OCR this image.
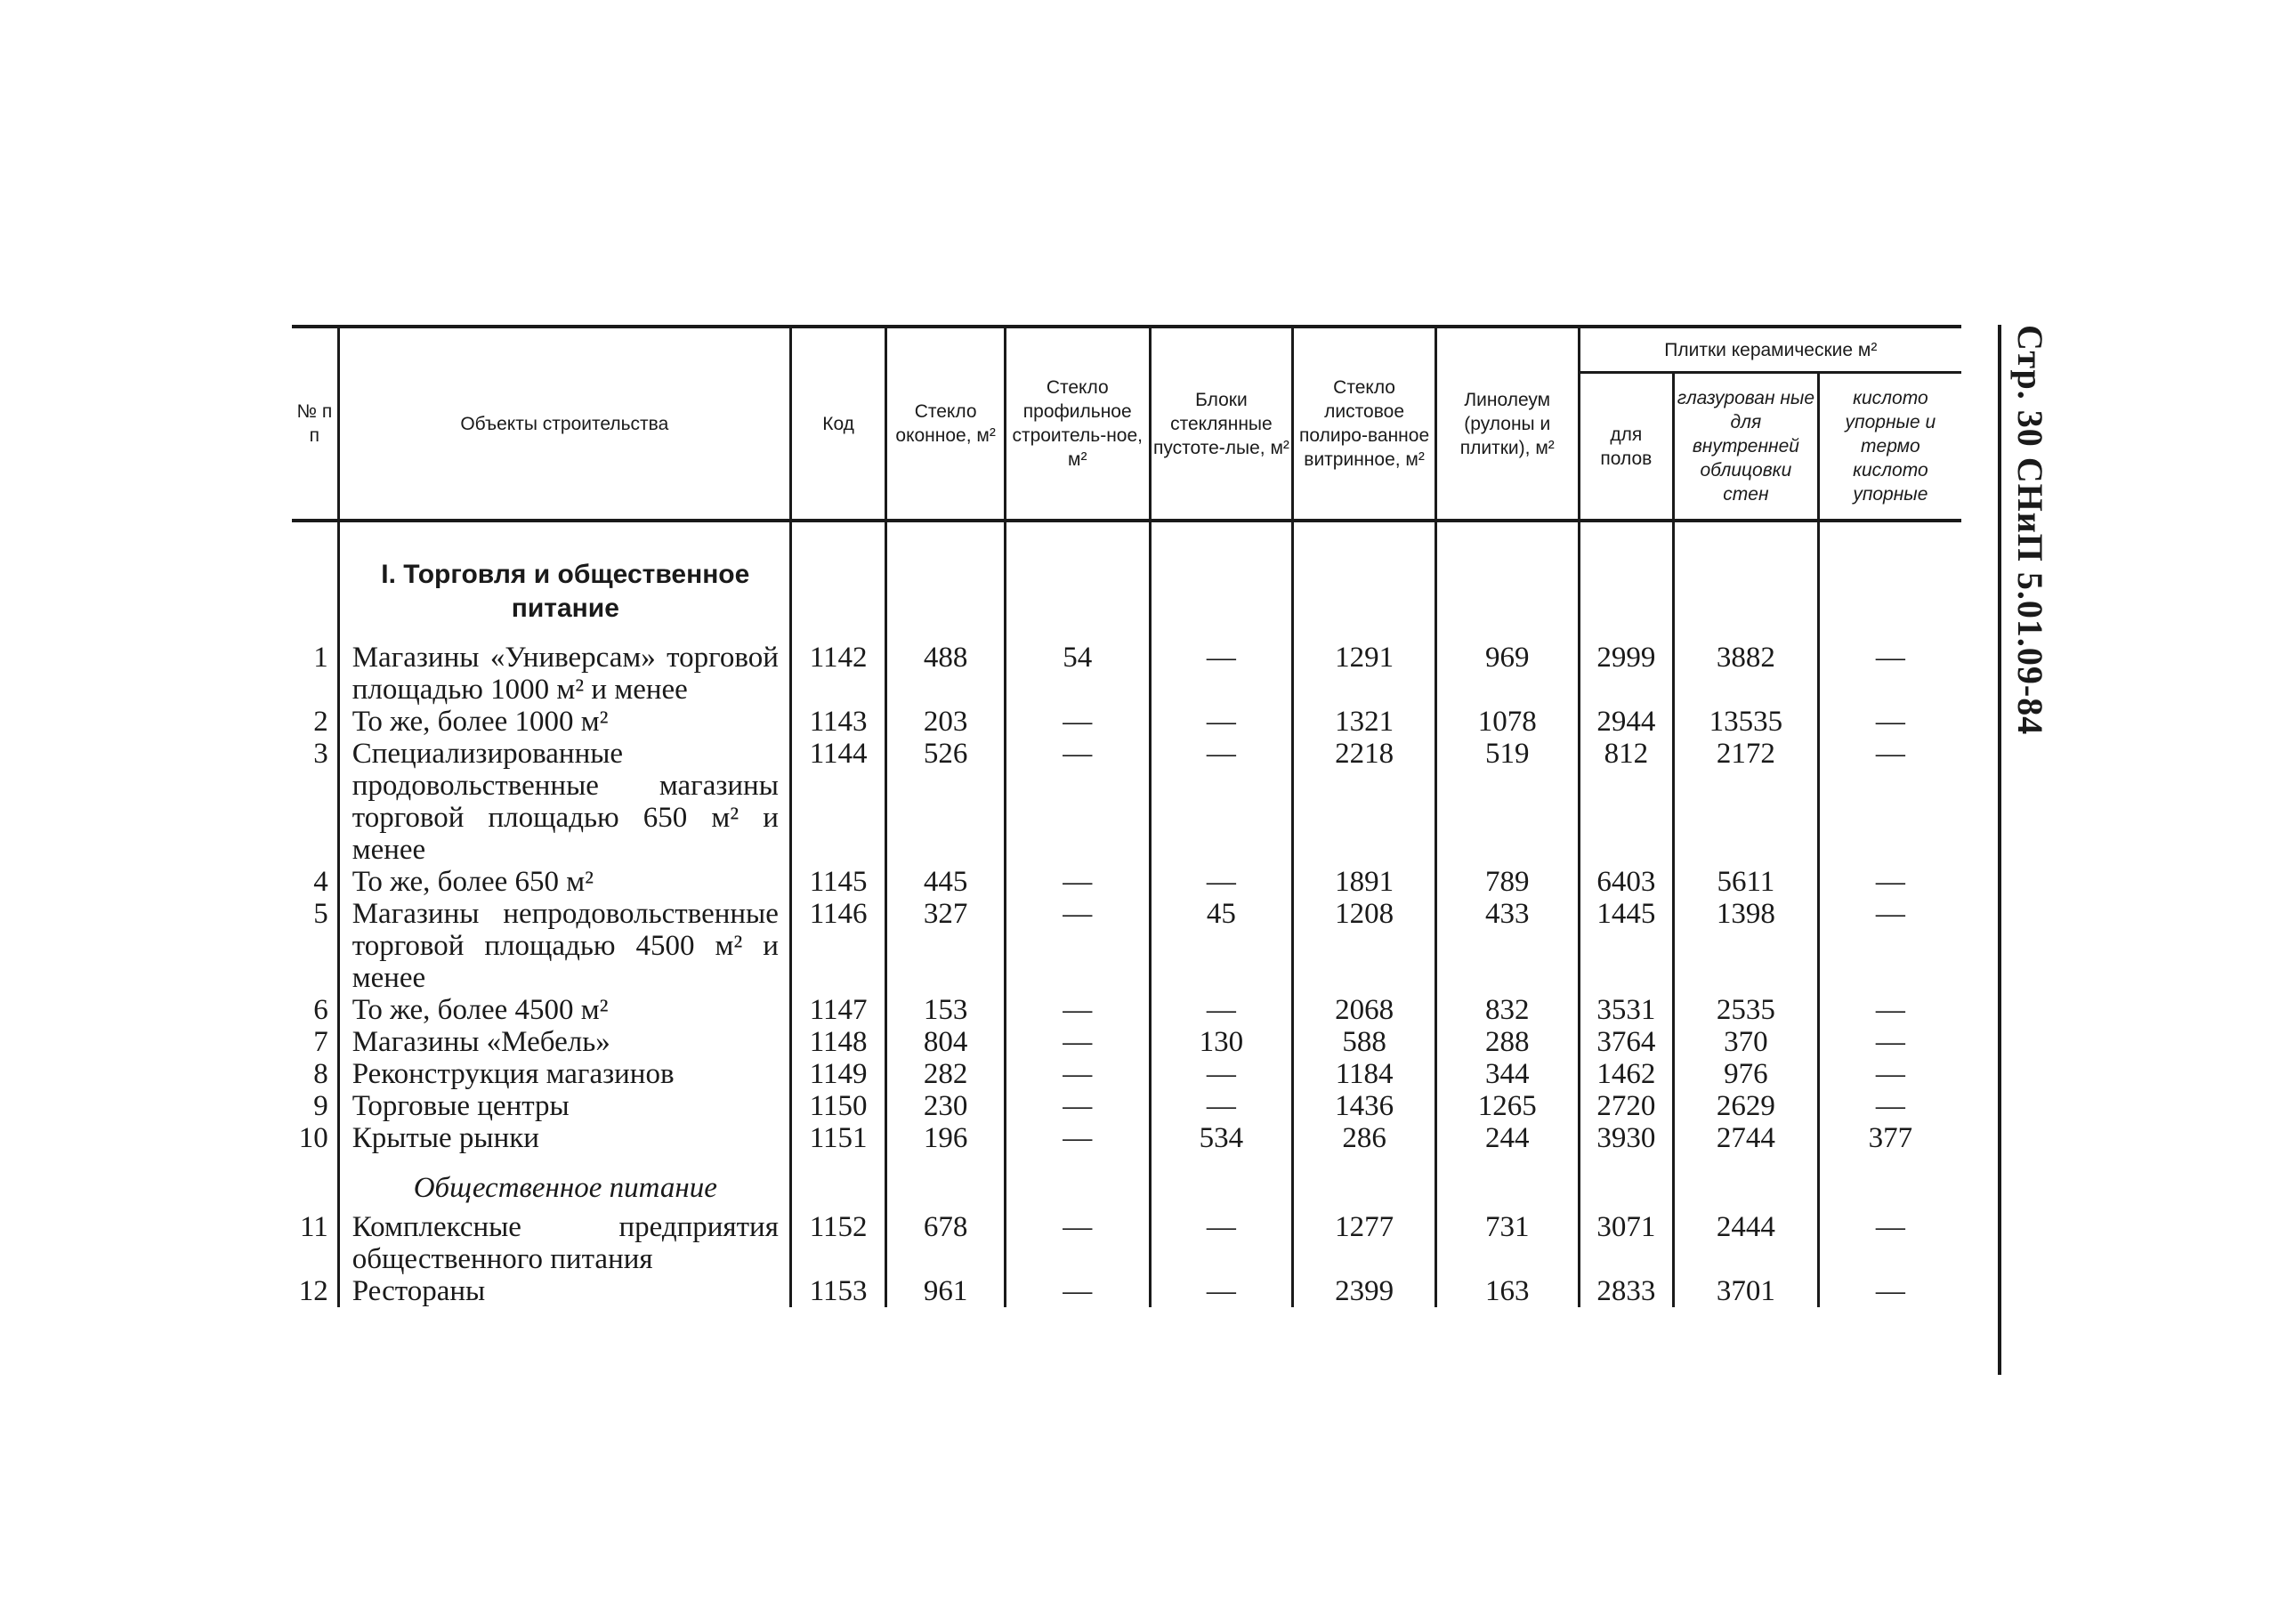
Стр. 30 СНиП 5.01.09-84
№ п п	Объекты строительства	Код	Стекло оконное, м²	Стекло профильное строитель-ное, м²	Блоки стеклянные пустоте-лые, м²	Стекло листовое полиро-ванное витринное, м²	Линолеум (рулоны и плитки), м²	Плитки керамические м²		
								для полов	глазурован ные для внутренней облицовки стен	кислото упорные и термо кислото упорные

	I. Торговля и общественное питание									
1	Магазины «Универсам» торговой площадью 1000 м² и менее	1142	488	54	—	1291	969	2999	3882	—
2	То же, более 1000 м²	1143	203	—	—	1321	1078	2944	13535	—
3	Специализированные продовольственные магазины торговой площадью 650 м² и менее	1144	526	—	—	2218	519	812	2172	—
4	То же, более 650 м²	1145	445	—	—	1891	789	6403	5611	—
5	Магазины непродовольственные торговой площадью 4500 м² и менее	1146	327	—	45	1208	433	1445	1398	—
6	То же, более 4500 м²	1147	153	—	—	2068	832	3531	2535	—
7	Магазины «Мебель»	1148	804	—	130	588	288	3764	370	—
8	Реконструкция магазинов	1149	282	—	—	1184	344	1462	976	—
9	Торговые центры	1150	230	—	—	1436	1265	2720	2629	—
10	Крытые рынки	1151	196	—	534	286	244	3930	2744	377
	Общественное питание									
11	Комплексные предприятия общественного питания	1152	678	—	—	1277	731	3071	2444	—
12	Рестораны	1153	961	—	—	2399	163	2833	3701	—
